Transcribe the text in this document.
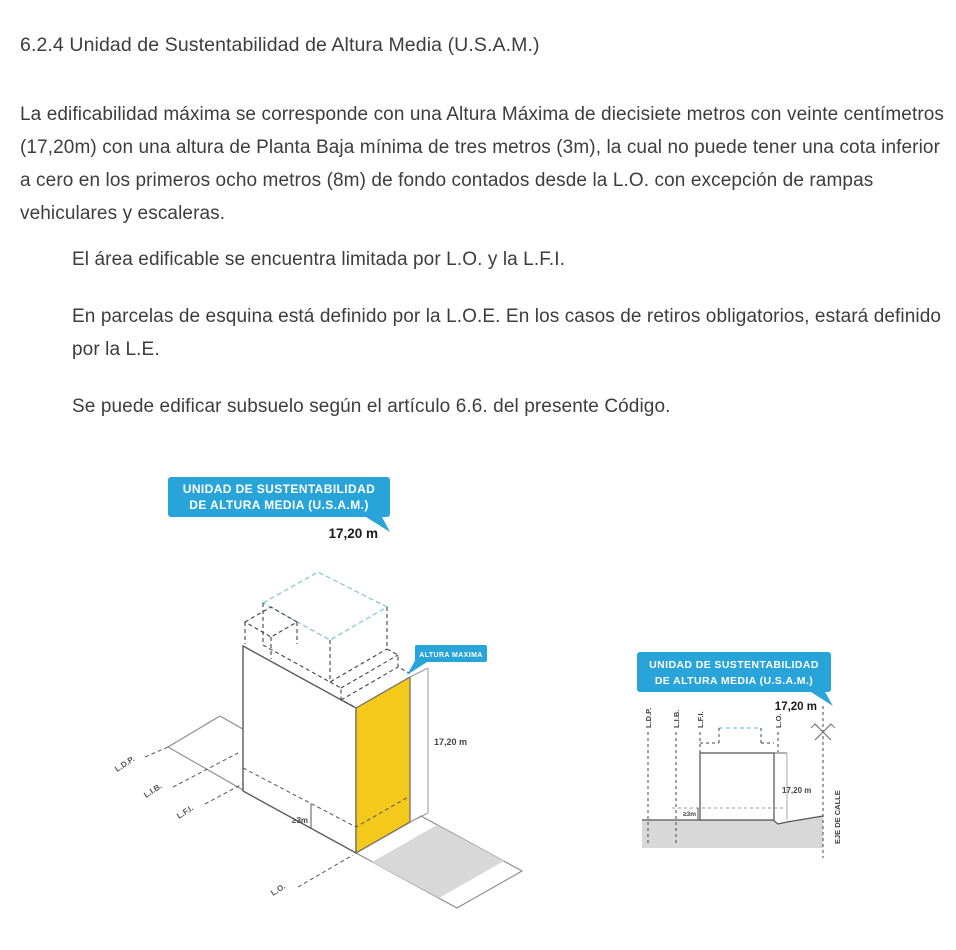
6.2.4 Unidad de Sustentabilidad de Altura Media (U.S.A.M.)
La edificabilidad máxima se corresponde con una Altura Máxima de diecisiete metros con veinte centímetros (17,20m) con una altura de Planta Baja mínima de tres metros (3m), la cual no puede tener una cota inferior a cero en los primeros ocho metros (8m) de fondo contados desde la L.O. con excepción de rampas vehiculares y escaleras.
El área edificable se encuentra limitada por L.O. y la L.F.I.
En parcelas de esquina está definido por la L.O.E. En los casos de retiros obligatorios, estará definido por la L.E.
Se puede edificar subsuelo según el artículo 6.6. del presente Código.
UNIDAD DE SUSTENTABILIDAD
DE ALTURA MEDIA (U.S.A.M.)
17,20 m
L.D.P.
L.I.B.
L.F.I.
L.O.
≥3m
17,20 m
ALTURA MAXIMA
UNIDAD DE SUSTENTABILIDAD
DE ALTURA MEDIA (U.S.A.M.)
17,20 m
L.D.P.	L.I.B. L.F.I.	L.O.
EJE DE CALLE
17,20 m
≥3m
